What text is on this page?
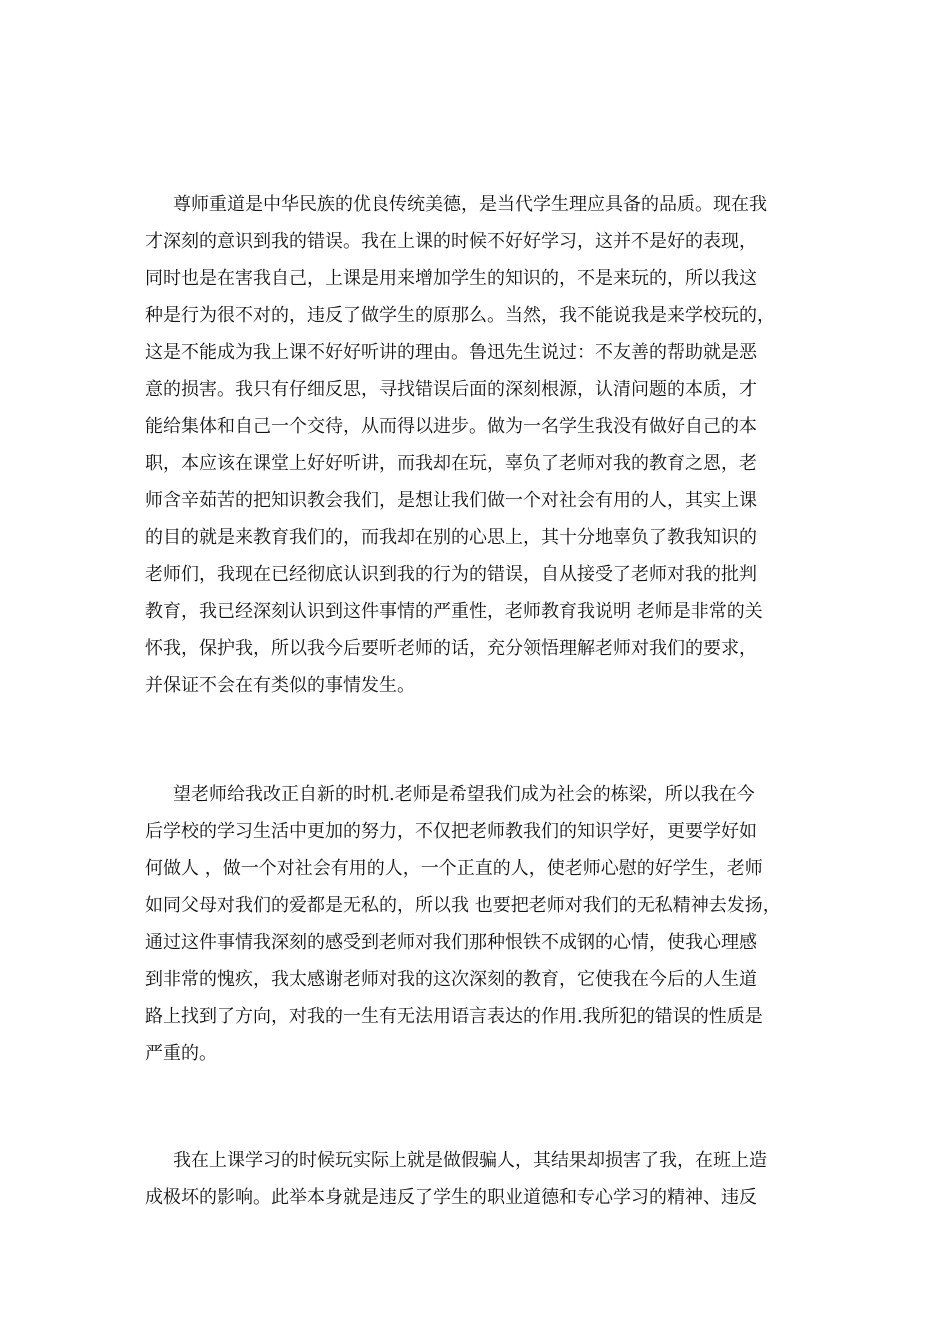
尊师重道是中华民族的优良传统美德，是当代学生理应具备的品质。现在我
才深刻的意识到我的错误。我在上课的时候不好好学习，这并不是好的表现，
同时也是在害我自己，上课是用来增加学生的知识的，不是来玩的，所以我这
种是行为很不对的，违反了做学生的原那么。当然，我不能说我是来学校玩的，
这是不能成为我上课不好好听讲的理由。鲁迅先生说过：不友善的帮助就是恶
意的损害。我只有仔细反思，寻找错误后面的深刻根源，认清问题的本质，才
能给集体和自己一个交待，从而得以进步。做为一名学生我没有做好自己的本
职，本应该在课堂上好好听讲，而我却在玩，辜负了老师对我的教育之恩，老
师含辛茹苦的把知识教会我们，是想让我们做一个对社会有用的人，其实上课
的目的就是来教育我们的，而我却在别的心思上，其十分地辜负了教我知识的
老师们，我现在已经彻底认识到我的行为的错误，自从接受了老师对我的批判
教育，我已经深刻认识到这件事情的严重性，老师教育我说明 老师是非常的关
怀我，保护我，所以我今后要听老师的话，充分领悟理解老师对我们的要求，
并保证不会在有类似的事情发生。
望老师给我改正自新的时机.老师是希望我们成为社会的栋梁，所以我在今
后学校的学习生活中更加的努力，不仅把老师教我们的知识学好，更要学好如
何做人 ，做一个对社会有用的人，一个正直的人，使老师心慰的好学生，老师
如同父母对我们的爱都是无私的，所以我 也要把老师对我们的无私精神去发扬，
通过这件事情我深刻的感受到老师对我们那种恨铁不成钢的心情，使我心理感
到非常的愧疚，我太感谢老师对我的这次深刻的教育，它使我在今后的人生道
路上找到了方向，对我的一生有无法用语言表达的作用.我所犯的错误的性质是
严重的。
我在上课学习的时候玩实际上就是做假骗人，其结果却损害了我，在班上造
成极坏的影响。此举本身就是违反了学生的职业道德和专心学习的精神、违反
